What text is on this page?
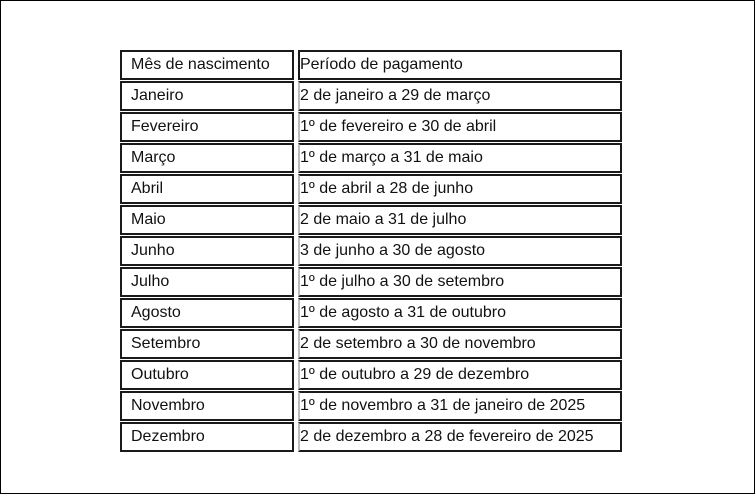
Mês de nascimento	Período de pagamento
Janeiro	2 de janeiro a 29 de março
Fevereiro	1º de fevereiro e 30 de abril
Março	1º de março a 31 de maio
Abril	1º de abril a 28 de junho
Maio	2 de maio a 31 de julho
Junho	3 de junho a 30 de agosto
Julho	1º de julho a 30 de setembro
Agosto	1º de agosto a 31 de outubro
Setembro	2 de setembro a 30 de novembro
Outubro	1º de outubro a 29 de dezembro
Novembro	1º de novembro a 31 de janeiro de 2025
Dezembro	2 de dezembro a 28 de fevereiro de 2025
